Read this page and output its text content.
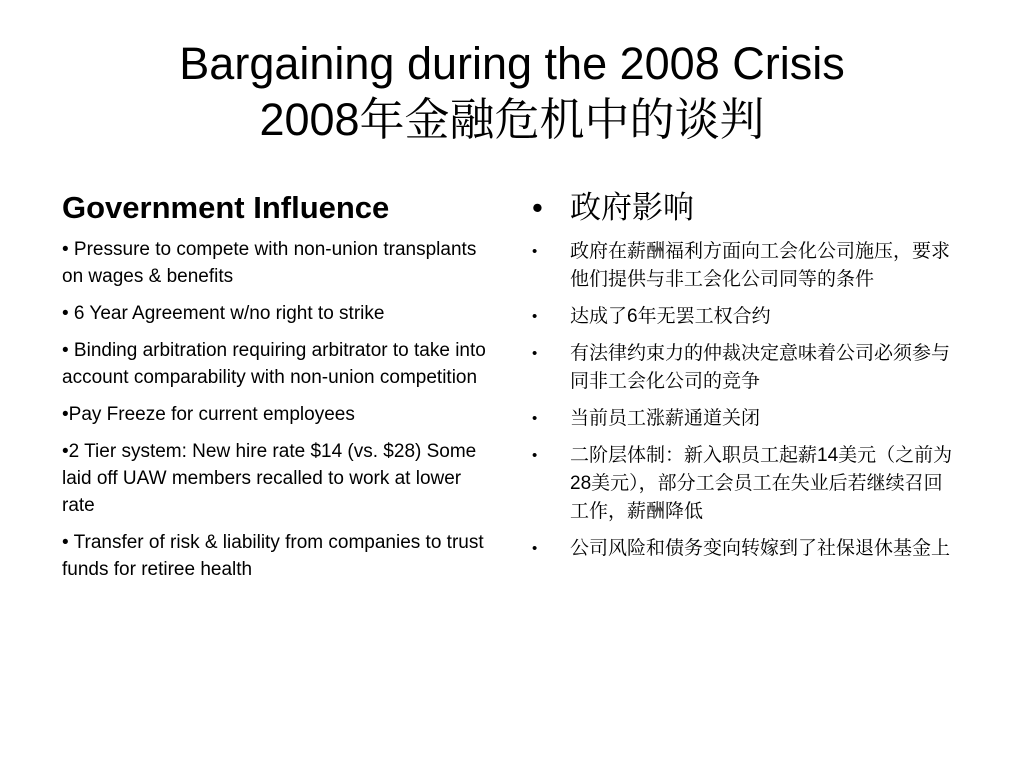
Bargaining during the 2008 Crisis
2008年金融危机中的谈判
Government Influence
• Pressure to compete with non-union transplants on wages & benefits
• 6 Year Agreement w/no right to strike
• Binding arbitration requiring arbitrator to take into account comparability with non-union competition
•Pay Freeze for current employees
•2 Tier system: New hire rate $14 (vs. $28) Some laid off UAW members recalled to work at lower rate
• Transfer of risk & liability from companies to trust funds for retiree health
• 政府影响
•	政府在薪酬福利方面向工会化公司施压，要求他们提供与非工会化公司同等的条件
•	达成了6年无罢工权合约
•	有法律约束力的仲裁决定意味着公司必须参与同非工会化公司的竞争
•	当前员工涨薪通道关闭
•	二阶层体制：新入职员工起薪14美元（之前为28美元），部分工会员工在失业后若继续召回工作，薪酬降低
•	公司风险和债务变向转嫁到了社保退休基金上
